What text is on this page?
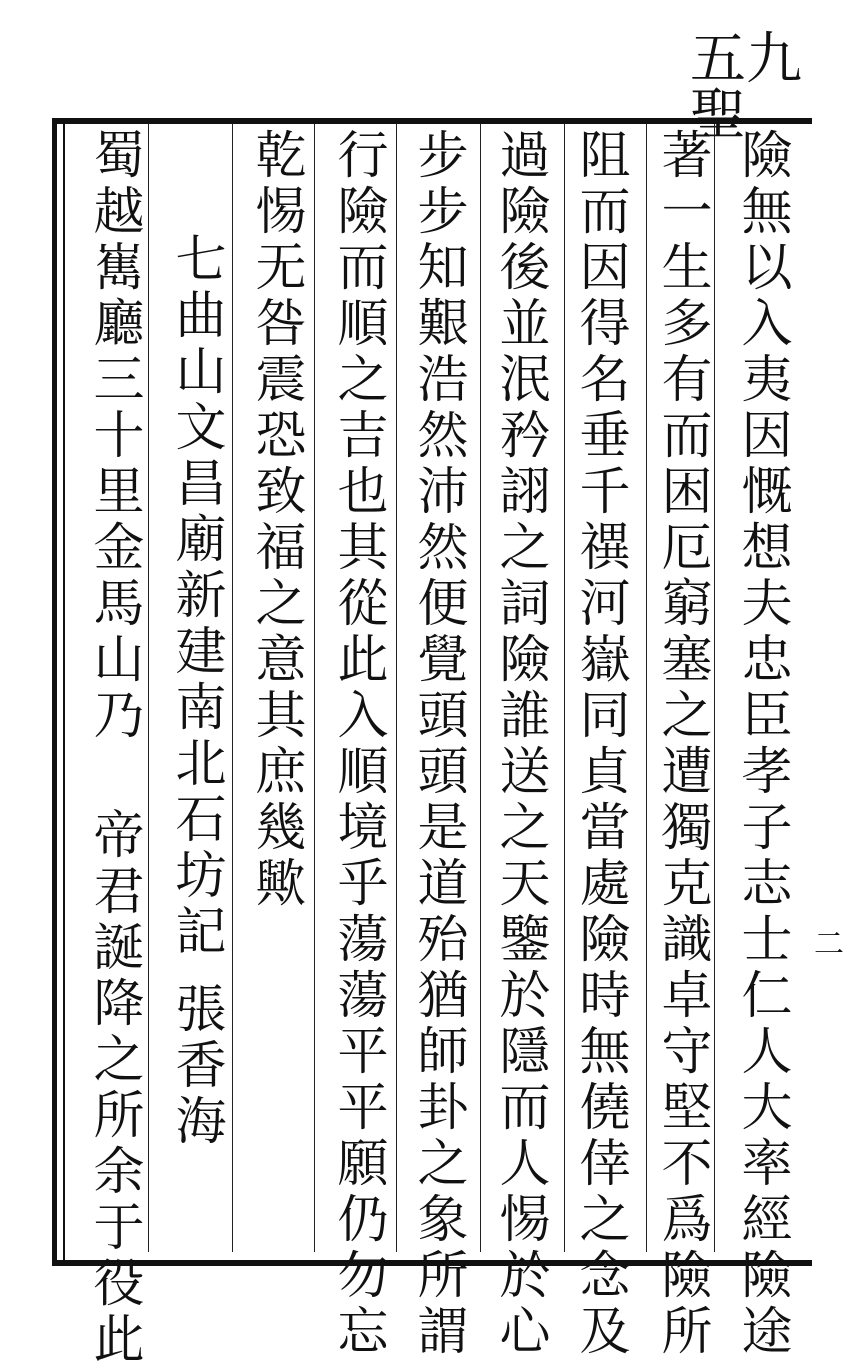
五九 聖
二
險無以入夷因慨想夫忠臣孝子志士仁人大率經險途
著一生多有而困厄窮塞之遭獨克識卓守堅不爲險所
阻而因得名垂千禩河嶽同貞當處險時無僥倖之念及
過險後並泯矜詡之詞險誰送之天鑒於隱而人惕於心
步步知艱浩然沛然便覺頭頭是道殆猶師卦之象所謂
行險而順之吉也其從此入順境乎蕩蕩平平願仍勿忘
乾惕无咎震恐致福之意其庶幾歟
七曲山文昌廟新建南北石坊記
張香海
蜀越嶲廳三十里金馬山乃 帝君誕降之所余于役此
